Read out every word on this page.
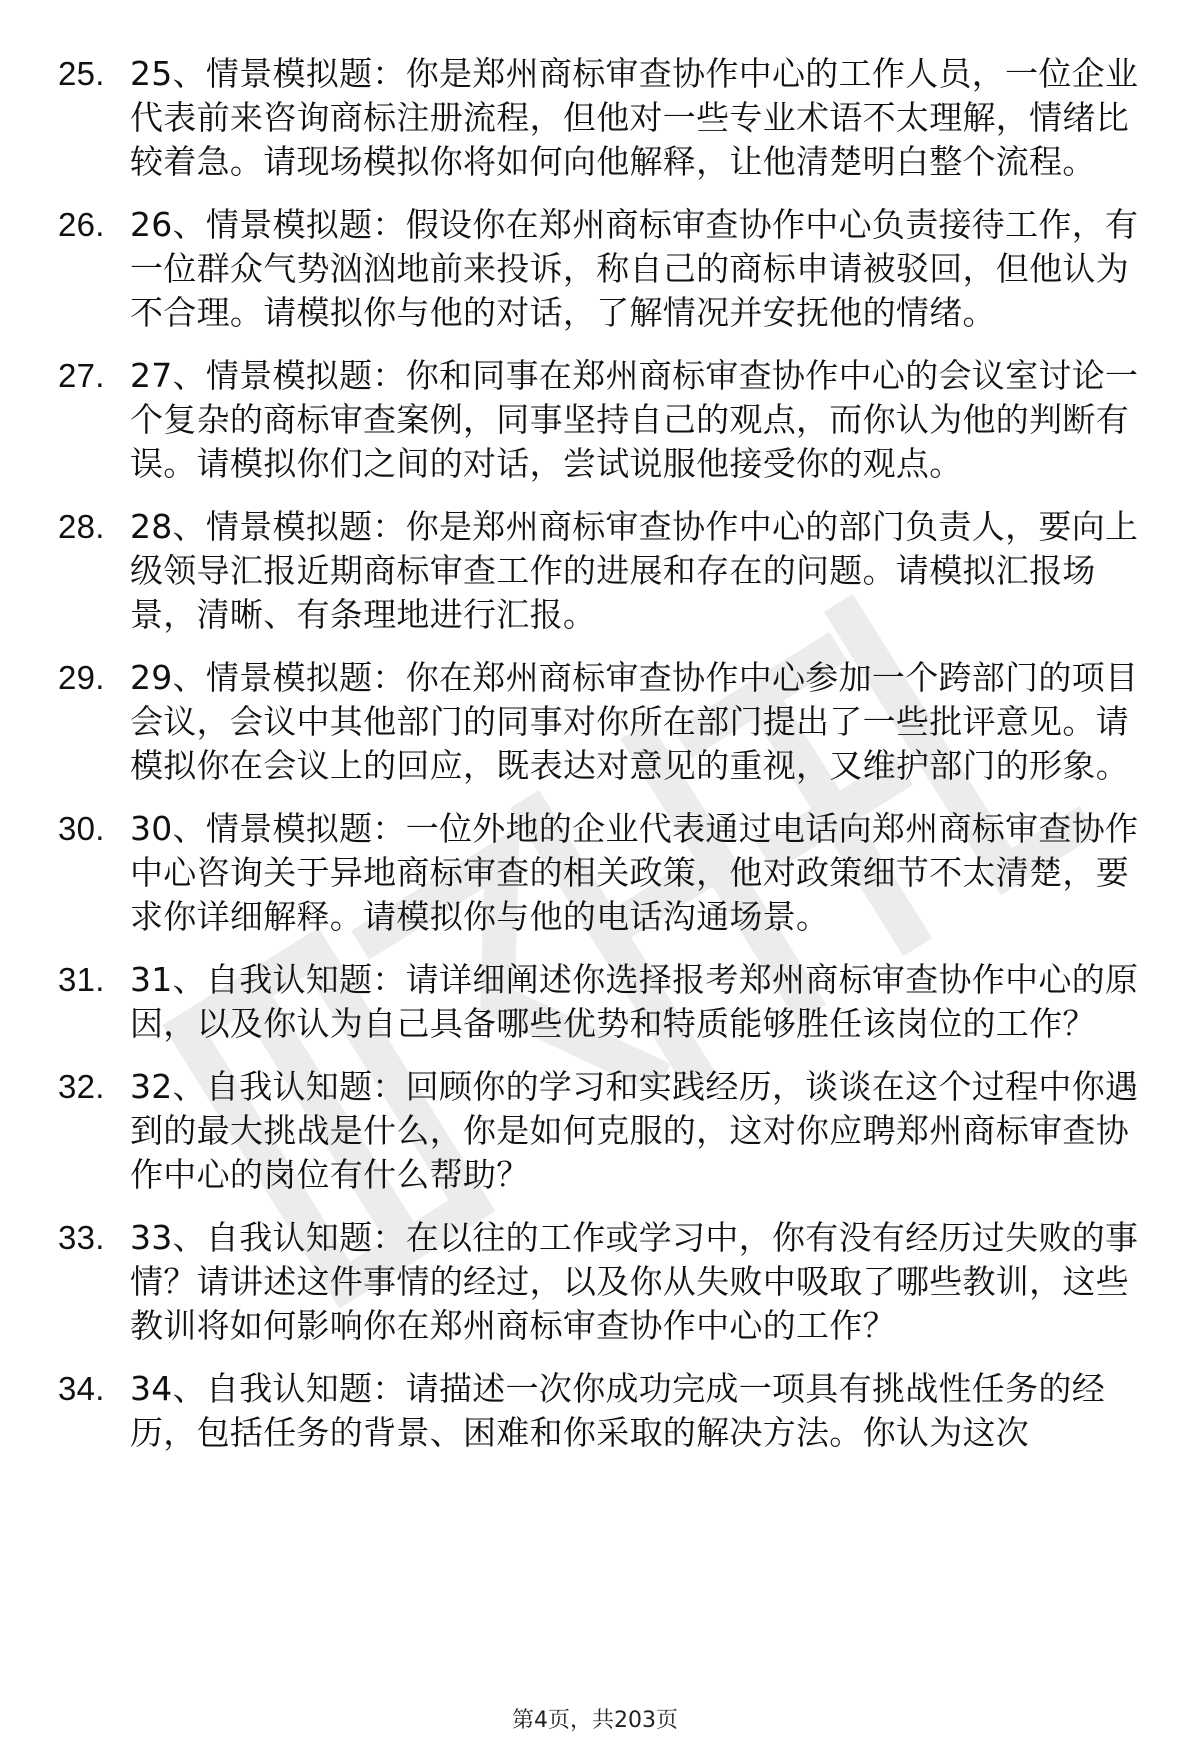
25. 25、情景模拟题：你是郑州商标审查协作中心的工作人员，一位企业代表前来咨询商标注册流程，但他对一些专业术语不太理解，情绪比较着急。请现场模拟你将如何向他解释，让他清楚明白整个流程。
26. 26、情景模拟题：假设你在郑州商标审查协作中心负责接待工作，有一位群众气势汹汹地前来投诉，称自己的商标申请被驳回，但他认为不合理。请模拟你与他的对话，了解情况并安抚他的情绪。
27. 27、情景模拟题：你和同事在郑州商标审查协作中心的会议室讨论一个复杂的商标审查案例，同事坚持自己的观点，而你认为他的判断有误。请模拟你们之间的对话，尝试说服他接受你的观点。
28. 28、情景模拟题：你是郑州商标审查协作中心的部门负责人，要向上级领导汇报近期商标审查工作的进展和存在的问题。请模拟汇报场景，清晰、有条理地进行汇报。
29. 29、情景模拟题：你在郑州商标审查协作中心参加一个跨部门的项目会议，会议中其他部门的同事对你所在部门提出了一些批评意见。请模拟你在会议上的回应，既表达对意见的重视，又维护部门的形象。
30. 30、情景模拟题：一位外地的企业代表通过电话向郑州商标审查协作中心咨询关于异地商标审查的相关政策，他对政策细节不太清楚，要求你详细解释。请模拟你与他的电话沟通场景。
31. 31、自我认知题：请详细阐述你选择报考郑州商标审查协作中心的原因，以及你认为自己具备哪些优势和特质能够胜任该岗位的工作？
32. 32、自我认知题：回顾你的学习和实践经历，谈谈在这个过程中你遇到的最大挑战是什么，你是如何克服的，这对你应聘郑州商标审查协作中心的岗位有什么帮助？
33. 33、自我认知题：在以往的工作或学习中，你有没有经历过失败的事情？请讲述这件事情的经过，以及你从失败中吸取了哪些教训，这些教训将如何影响你在郑州商标审查协作中心的工作？
34. 34、自我认知题：请描述一次你成功完成一项具有挑战性任务的经历，包括任务的背景、困难和你采取的解决方法。你认为这次
第4页，共203页
